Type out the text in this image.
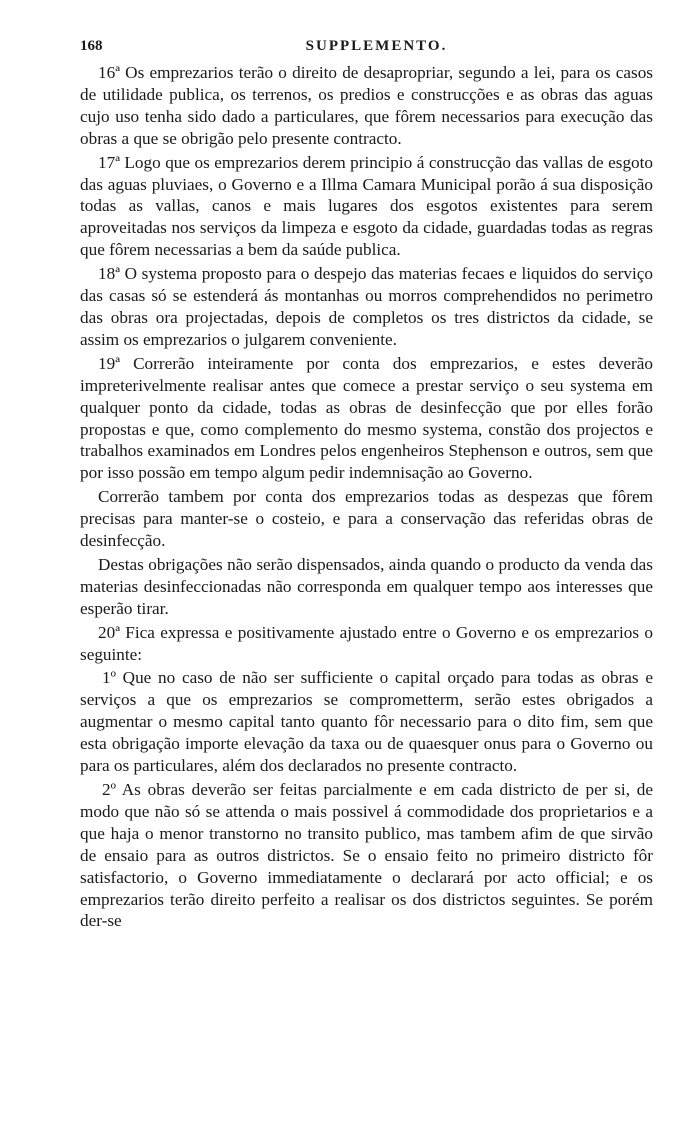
168	SUPPLEMENTO.

16ª Os emprezarios terão o direito de desapropriar, segundo a lei, para os casos de utilidade publica, os terrenos, os predios e construcções e as obras das aguas cujo uso tenha sido dado a particulares, que fôrem necessarios para execução das obras a que se obrigão pelo presente contracto.

17ª Logo que os emprezarios derem principio á construcção das vallas de esgoto das aguas pluviaes, o Governo e a Illma Camara Municipal porão á sua disposição todas as vallas, canos e mais lugares dos esgotos existentes para serem aproveitadas nos serviços da limpeza e esgoto da cidade, guardadas todas as regras que fôrem necessarias a bem da saúde publica.

18ª O systema proposto para o despejo das materias fecaes e liquidos do serviço das casas só se estenderá ás montanhas ou morros comprehendidos no perimetro das obras ora projectadas, depois de completos os tres districtos da cidade, se assim os emprezarios o julgarem conveniente.

19ª Correrão inteiramente por conta dos emprezarios, e estes deverão impreterivelmente realisar antes que comece a prestar serviço o seu systema em qualquer ponto da cidade, todas as obras de desinfecção que por elles forão propostas e que, como complemento do mesmo systema, constão dos projectos e trabalhos examinados em Londres pelos engenheiros Stephenson e outros, sem que por isso possão em tempo algum pedir indemnisação ao Governo.

Correrão tambem por conta dos emprezarios todas as despezas que fôrem precisas para manter-se o costeio, e para a conservação das referidas obras de desinfecção.

Destas obrigações não serão dispensados, ainda quando o producto da venda das materias desinfeccionadas não corresponda em qualquer tempo aos interesses que esperão tirar.

20ª Fica expressa e positivamente ajustado entre o Governo e os emprezarios o seguinte:

1º Que no caso de não ser sufficiente o capital orçado para todas as obras e serviços a que os emprezarios se comprometterm, serão estes obrigados a augmentar o mesmo capital tanto quanto fôr necessario para o dito fim, sem que esta obrigação importe elevação da taxa ou de quaesquer onus para o Governo ou para os particulares, além dos declarados no presente contracto.

2º As obras deverão ser feitas parcialmente e em cada districto de per si, de modo que não só se attenda o mais possivel á commodidade dos proprietarios e a que haja o menor transtorno no transito publico, mas tambem afim de que sirvão de ensaio para as outros districtos. Se o ensaio feito no primeiro districto fôr satisfactorio, o Governo immediatamente o declarará por acto official; e os emprezarios terão direito perfeito a realisar os dos districtos seguintes. Se porém der-se
